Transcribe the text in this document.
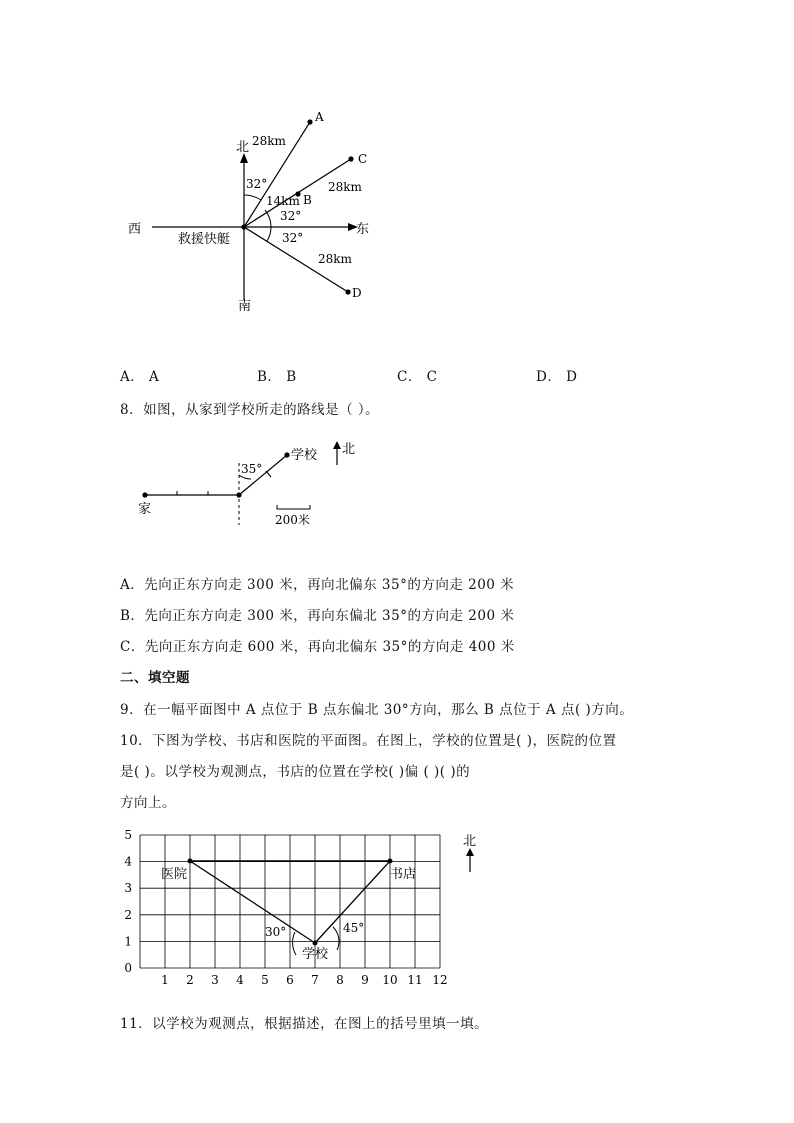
北
南
西	东
救援快艇
A
C
B
D
28km
14km
28km
28km
32°
32°
32°
A． A	B． B	C． C	D． D
8．如图，从家到学校所走的路线是（ ）。
家
学校 北
35°
200米
A．先向正东方向走 300 米，再向北偏东 35°的方向走 200 米
B．先向正东方向走 300 米，再向东偏北 35°的方向走 200 米
C．先向正东方向走 600 米，再向北偏东 35°的方向走 400 米
二、填空题
9．在一幅平面图中 A 点位于 B 点东偏北 30°方向，那么 B 点位于 A 点( )方向。
10．下图为学校、书店和医院的平面图。在图上，学校的位置是( )，医院的位置
是( )。以学校为观测点，书店的位置在学校( )偏 ( )( )的
方向上。
1 2 3 4 5 6 7 8 9 10 11 12
0
1
2
3
4
5	北
医院	书店
学校
30°	45°
11．以学校为观测点，根据描述，在图上的括号里填一填。
